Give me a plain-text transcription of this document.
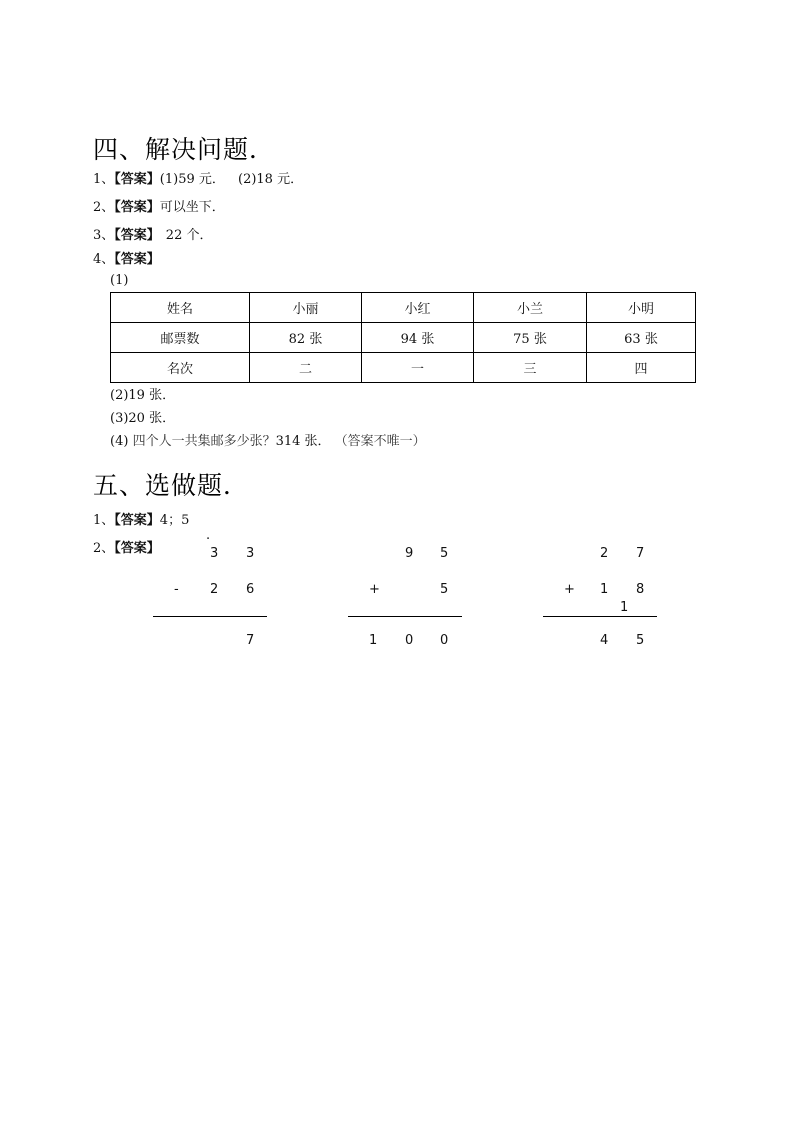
四、解决问题．
1、【答案】(1)59 元． (2)18 元．
2、【答案】可以坐下．
3、【答案】 22 个．
4、【答案】
(1)
姓名	小丽	小红	小兰	小明
邮票数	82 张	94 张	75 张	63 张
名次	二	一	三	四
(2)19 张．
(3)20 张．
(4) 四个人一共集邮多少张？314 张． （答案不唯一）
五、选做题．
1、【答案】4；5
2、【答案】
.
3 3
- 2 6
7
9 5
+	5
1 0 0
2 7
+ 1 8
1
4 5
